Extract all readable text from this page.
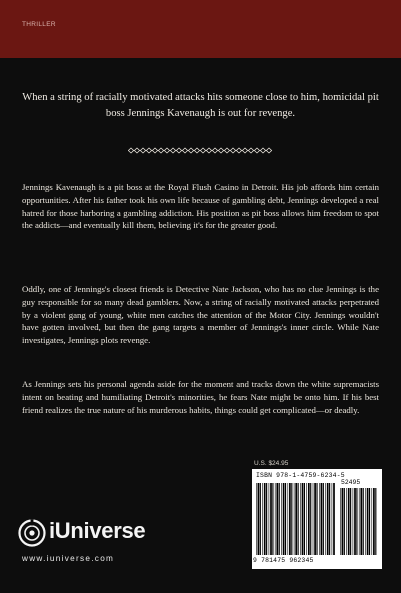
THRILLER
When a string of racially motivated attacks hits someone close to him, homicidal pit boss Jennings Kavenaugh is out for revenge.

Jennings Kavenaugh is a pit boss at the Royal Flush Casino in Detroit. His job affords him certain opportunities. After his father took his own life because of gambling debt, Jennings developed a real hatred for those harboring a gambling addiction. His position as pit boss allows him freedom to spot the addicts—and eventually kill them, believing it's for the greater good.

Oddly, one of Jennings's closest friends is Detective Nate Jackson, who has no clue Jennings is the guy responsible for so many dead gamblers. Now, a string of racially motivated attacks perpetrated by a violent gang of young, white men catches the attention of the Motor City. Jennings wouldn't have gotten involved, but then the gang targets a member of Jennings's inner circle. While Nate investigates, Jennings plots revenge.

As Jennings sets his personal agenda aside for the moment and tracks down the white supremacists intent on beating and humiliating Detroit's minorities, he fears Nate might be onto him. If his best friend realizes the true nature of his murderous habits, things could get complicated—or deadly.

U.S. $24.95
ISBN 978-1-4759-6234-5
52495
9 781475 962345
iUniverse
www.iuniverse.com
